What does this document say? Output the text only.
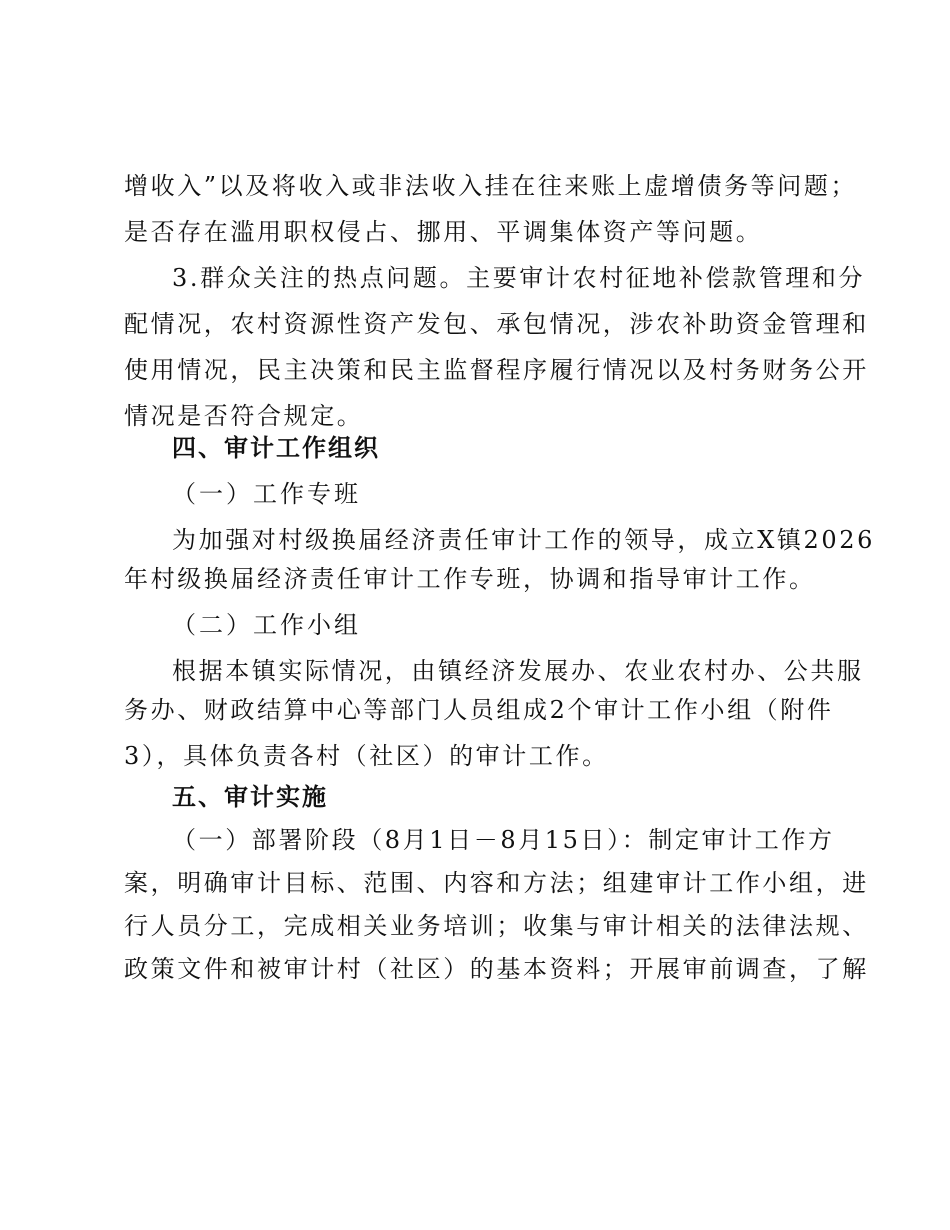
增收入”以及将收入或非法收入挂在往来账上虚增债务等问题；
是否存在滥用职权侵占、挪用、平调集体资产等问题。
3.群众关注的热点问题。主要审计农村征地补偿款管理和分
配情况，农村资源性资产发包、承包情况，涉农补助资金管理和
使用情况，民主决策和民主监督程序履行情况以及村务财务公开
情况是否符合规定。
四、审计工作组织
（一）工作专班
为加强对村级换届经济责任审计工作的领导，成立X镇2026
年村级换届经济责任审计工作专班，协调和指导审计工作。
（二）工作小组
根据本镇实际情况，由镇经济发展办、农业农村办、公共服
务办、财政结算中心等部门人员组成2个审计工作小组（附件
3），具体负责各村（社区）的审计工作。
五、审计实施
（一）部署阶段（8月1日－8月15日）：制定审计工作方
案，明确审计目标、范围、内容和方法；组建审计工作小组，进
行人员分工，完成相关业务培训；收集与审计相关的法律法规、
政策文件和被审计村（社区）的基本资料；开展审前调查，了解
